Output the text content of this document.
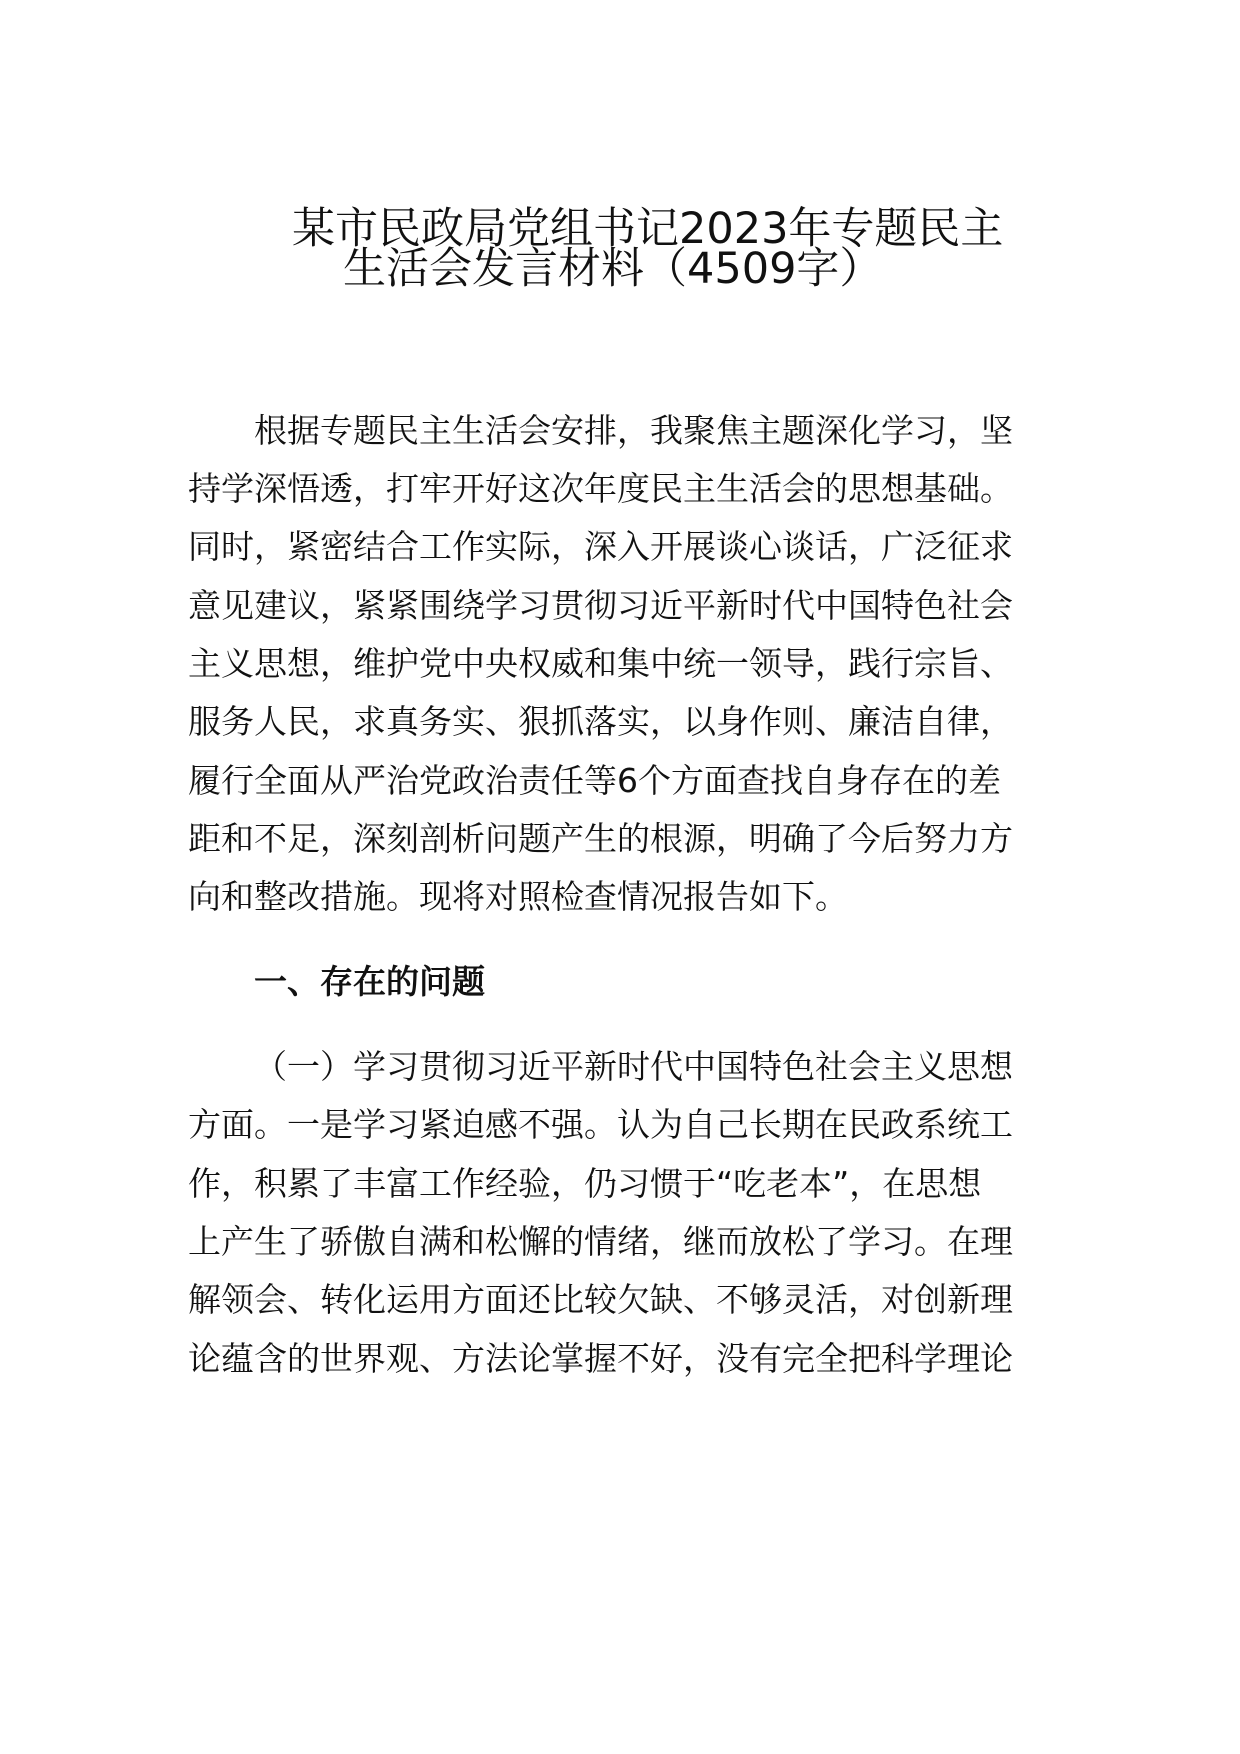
某市民政局党组书记2023年专题民主
生活会发言材料（4509字）
根据专题民主生活会安排，我聚焦主题深化学习，坚
持学深悟透，打牢开好这次年度民主生活会的思想基础。
同时，紧密结合工作实际，深入开展谈心谈话，广泛征求
意见建议，紧紧围绕学习贯彻习近平新时代中国特色社会
主义思想，维护党中央权威和集中统一领导，践行宗旨、
服务人民，求真务实、狠抓落实，以身作则、廉洁自律，
履行全面从严治党政治责任等6个方面查找自身存在的差
距和不足，深刻剖析问题产生的根源，明确了今后努力方
向和整改措施。现将对照检查情况报告如下。
一、存在的问题
（一）学习贯彻习近平新时代中国特色社会主义思想
方面。一是学习紧迫感不强。认为自己长期在民政系统工
作，积累了丰富工作经验，仍习惯于“吃老本”，在思想
上产生了骄傲自满和松懈的情绪，继而放松了学习。在理
解领会、转化运用方面还比较欠缺、不够灵活，对创新理
论蕴含的世界观、方法论掌握不好，没有完全把科学理论
